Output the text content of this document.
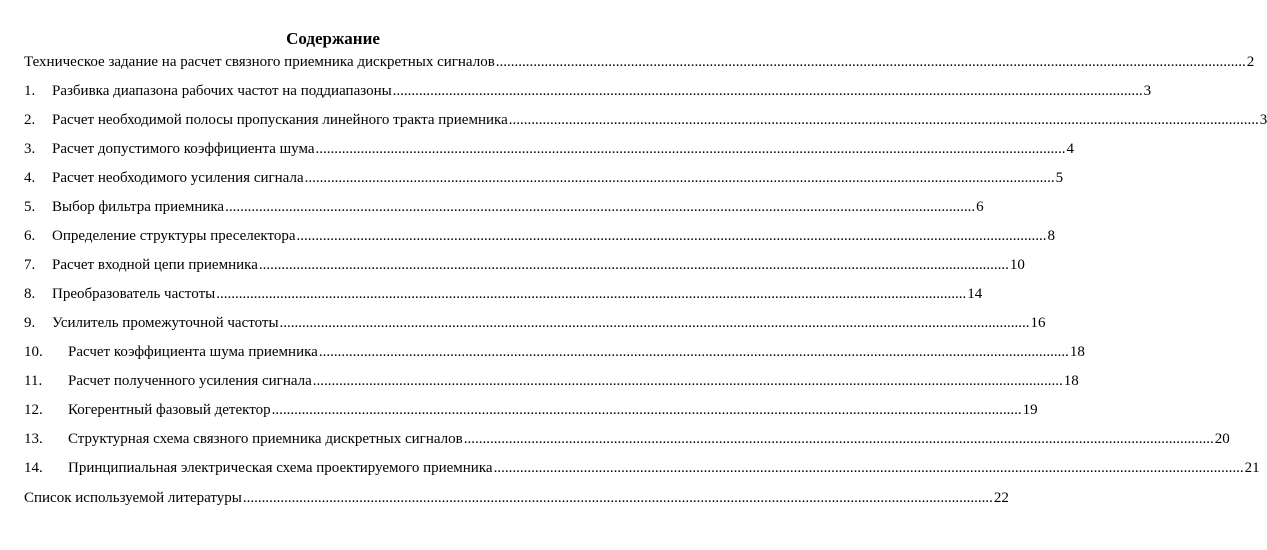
Содержание
Техническое задание на расчет связного приемника дискретных сигналов ........................................................................................................................................................................................................ 2
1.	Разбивка диапазона рабочих частот на поддиапазоны ........................................................................................................................................................................................................ 3
2.	Расчет необходимой полосы пропускания линейного тракта приемника ........................................................................................................................................................................................................ 3
3.	Расчет допустимого коэффициента шума ........................................................................................................................................................................................................ 4
4.	Расчет необходимого усиления сигнала ........................................................................................................................................................................................................ 5
5.	Выбор фильтра приемника ........................................................................................................................................................................................................ 6
6.	Определение структуры преселектора ........................................................................................................................................................................................................ 8
7.	Расчет входной цепи приемника ........................................................................................................................................................................................................ 10
8.	Преобразователь частоты ........................................................................................................................................................................................................ 14
9.	Усилитель промежуточной частоты ........................................................................................................................................................................................................ 16
10.	Расчет коэффициента шума приемника ........................................................................................................................................................................................................ 18
11.	Расчет полученного усиления сигнала ........................................................................................................................................................................................................ 18
12.	Когерентный фазовый детектор ........................................................................................................................................................................................................ 19
13.	Структурная схема связного приемника дискретных сигналов ........................................................................................................................................................................................................ 20
14.	Принципиальная электрическая схема проектируемого приемника ........................................................................................................................................................................................................ 21
Список используемой литературы ........................................................................................................................................................................................................ 22
